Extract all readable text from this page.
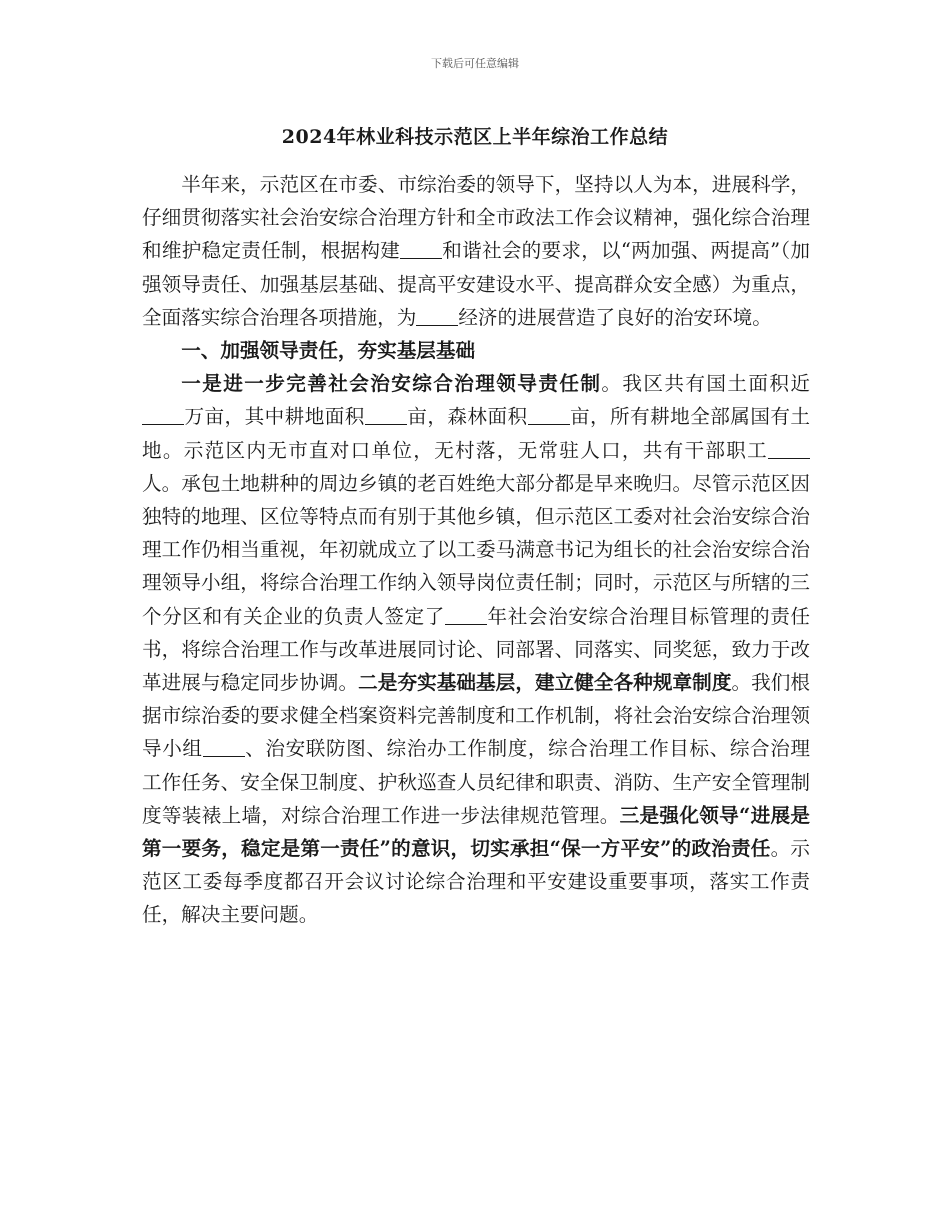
下载后可任意编辑
2024年林业科技示范区上半年综治工作总结

半年来，示范区在市委、市综治委的领导下，坚持以人为本，进展科学，仔细贯彻落实社会治安综合治理方针和全市政法工作会议精神，强化综合治理和维护稳定责任制，根据构建 和谐社会的要求，以“两加强、两提高”（加强领导责任、加强基层基础、提高平安建设水平、提高群众安全感）为重点，全面落实综合治理各项措施，为 经济的进展营造了良好的治安环境。

一、加强领导责任，夯实基层基础

一是进一步完善社会治安综合治理领导责任制。我区共有国土面积近万亩，其中耕地面积 亩，森林面积 亩，所有耕地全部属国有土地。示范区内无市直对口单位，无村落，无常驻人口，共有干部职工人。承包土地耕种的周边乡镇的老百姓绝大部分都是早来晚归。尽管示范区因独特的地理、区位等特点而有别于其他乡镇，但示范区工委对社会治安综合治理工作仍相当重视，年初就成立了以工委马满意书记为组长的社会治安综合治理领导小组，将综合治理工作纳入领导岗位责任制；同时，示范区与所辖的三个分区和有关企业的负责人签定了 年社会治安综合治理目标管理的责任书，将综合治理工作与改革进展同讨论、同部署、同落实、同奖惩，致力于改革进展与稳定同步协调。二是夯实基础基层，建立健全各种规章制度。我们根据市综治委的要求健全档案资料完善制度和工作机制，将社会治安综合治理领导小组 、治安联防图、综治办工作制度，综合治理工作目标、综合治理工作任务、安全保卫制度、护秋巡查人员纪律和职责、消防、生产安全管理制度等装裱上墙，对综合治理工作进一步法律规范管理。三是强化领导“进展是第一要务，稳定是第一责任”的意识，切实承担“保一方平安”的政治责任。示范区工委每季度都召开会议讨论综合治理和平安建设重要事项，落实工作责任，解决主要问题。
